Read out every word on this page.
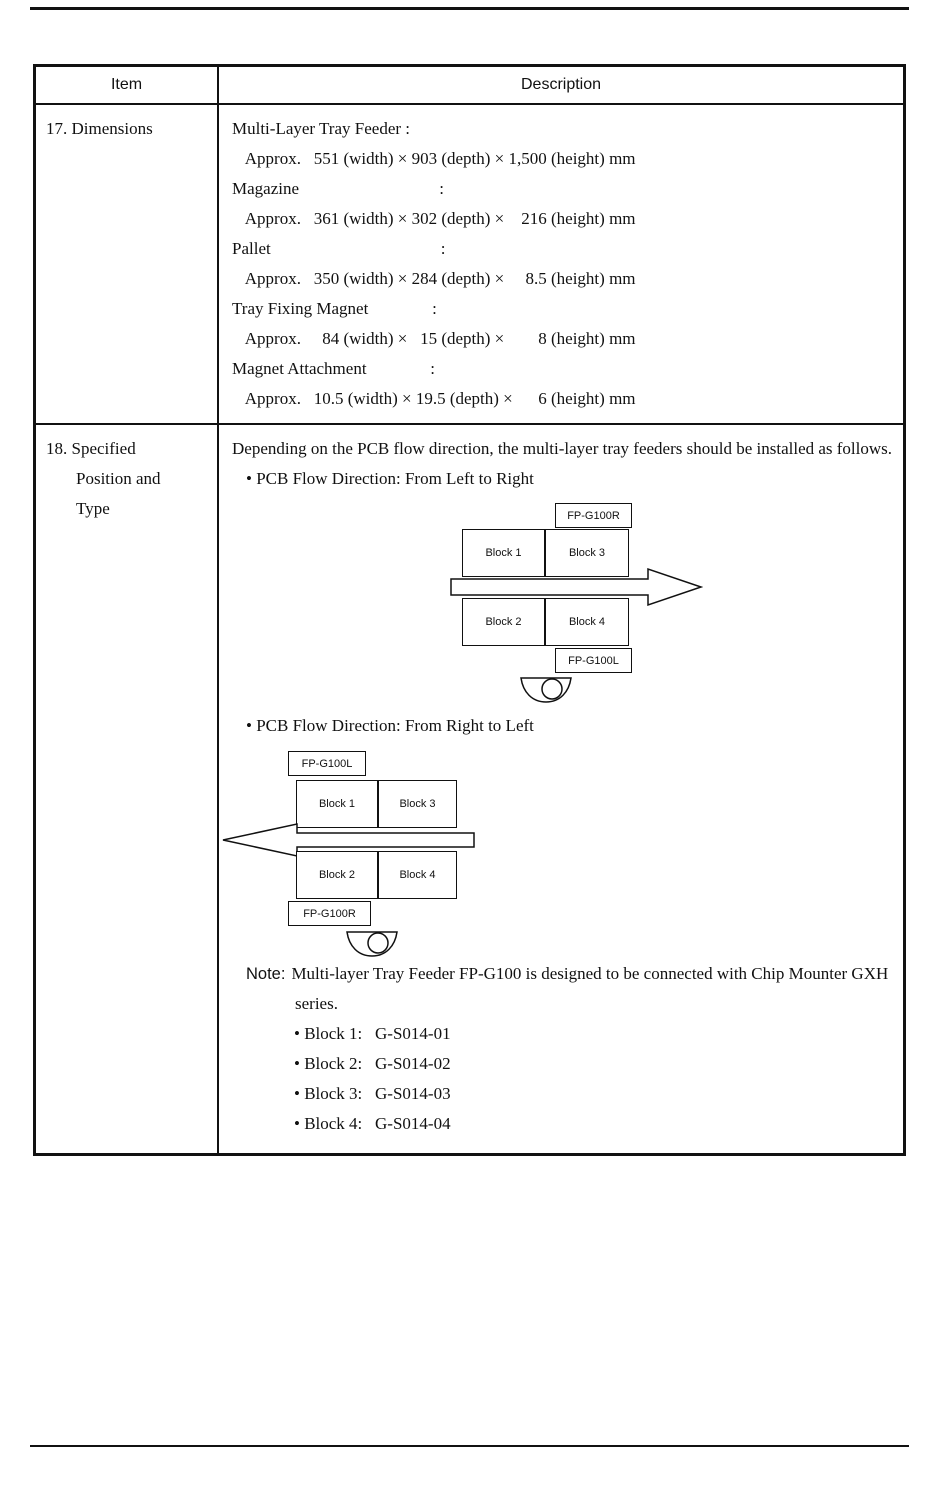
Item	Description
17. Dimensions	Multi-Layer Tray Feeder :
Approx.   551 (width) × 903 (depth) × 1,500 (height) mm
Magazine                                 :
Approx.   361 (width) × 302 (depth) ×    216 (height) mm
Pallet                                        :
Approx.   350 (width) × 284 (depth) ×     8.5 (height) mm
Tray Fixing Magnet               :
Approx.     84 (width) ×   15 (depth) ×        8 (height) mm
Magnet Attachment               :
Approx.   10.5 (width) × 19.5 (depth) ×      6 (height) mm
18. Specified
Position and
Type
Depending on the PCB flow direction, the multi-layer tray feeders should be installed as follows.
• PCB Flow Direction: From Left to Right
FP-G100R
Block 1	Block 3
Block 2	Block 4
FP-G100L
• PCB Flow Direction: From Right to Left
FP-G100L
Block 1	Block 3
Block 2	Block 4
FP-G100R
Note: Multi-layer Tray Feeder FP-G100 is designed to be connected with Chip Mounter GXH series.
• Block 1:   G-S014-01
• Block 2:   G-S014-02
• Block 3:   G-S014-03
• Block 4:   G-S014-04
